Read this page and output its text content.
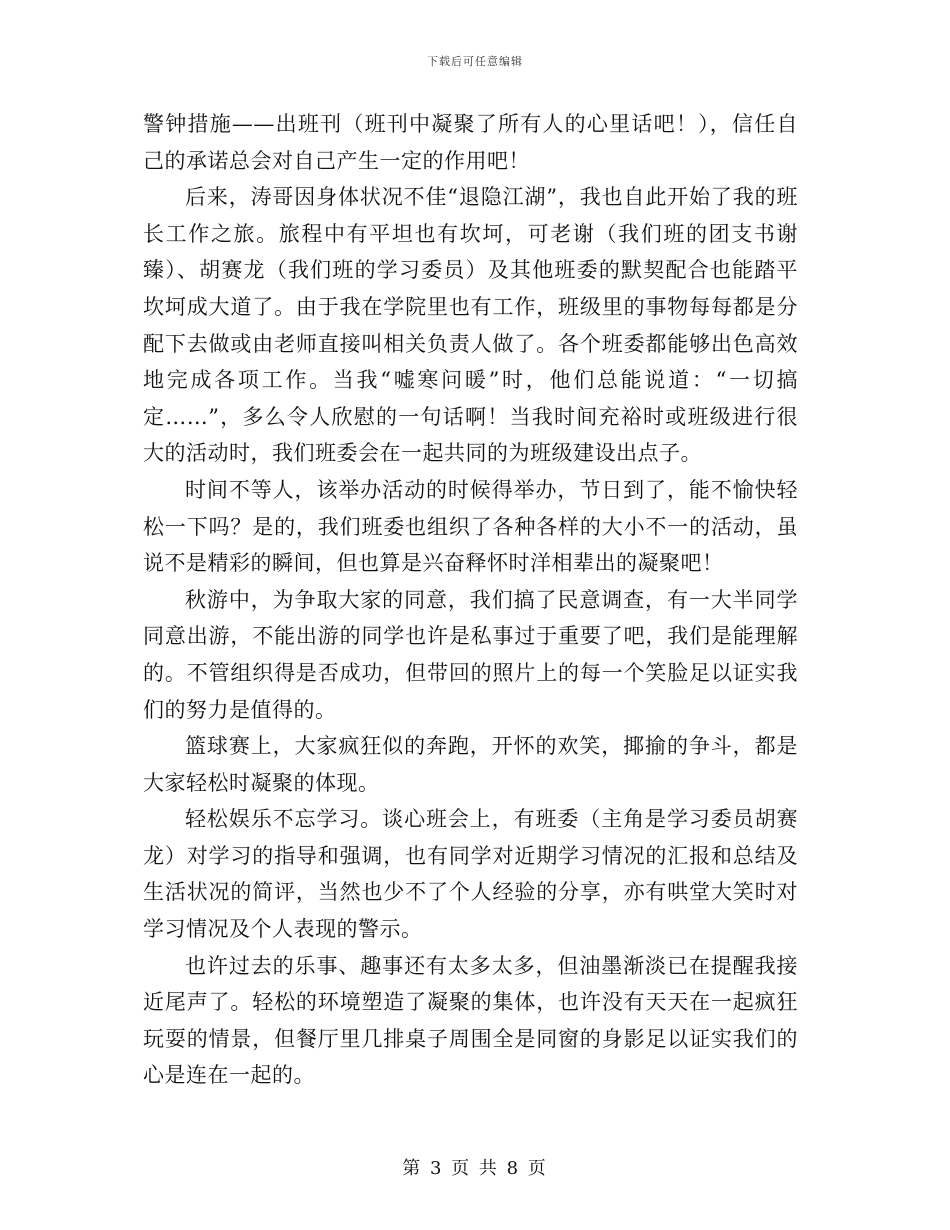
下载后可任意编辑

警钟措施——出班刊（班刊中凝聚了所有人的心里话吧！），信任自己的承诺总会对自己产生一定的作用吧！

后来，涛哥因身体状况不佳“退隐江湖”，我也自此开始了我的班长工作之旅。旅程中有平坦也有坎坷，可老谢（我们班的团支书谢臻）、胡赛龙（我们班的学习委员）及其他班委的默契配合也能踏平坎坷成大道了。由于我在学院里也有工作，班级里的事物每每都是分配下去做或由老师直接叫相关负责人做了。各个班委都能够出色高效地完成各项工作。当我“嘘寒问暖”时，他们总能说道：“一切搞定……”，多么令人欣慰的一句话啊！当我时间充裕时或班级进行很大的活动时，我们班委会在一起共同的为班级建设出点子。

时间不等人，该举办活动的时候得举办，节日到了，能不愉快轻松一下吗？是的，我们班委也组织了各种各样的大小不一的活动，虽说不是精彩的瞬间，但也算是兴奋释怀时洋相辈出的凝聚吧！

秋游中，为争取大家的同意，我们搞了民意调查，有一大半同学同意出游，不能出游的同学也许是私事过于重要了吧，我们是能理解的。不管组织得是否成功，但带回的照片上的每一个笑脸足以证实我们的努力是值得的。

篮球赛上，大家疯狂似的奔跑，开怀的欢笑，揶揄的争斗，都是大家轻松时凝聚的体现。

轻松娱乐不忘学习。谈心班会上，有班委（主角是学习委员胡赛龙）对学习的指导和强调，也有同学对近期学习情况的汇报和总结及生活状况的简评，当然也少不了个人经验的分享，亦有哄堂大笑时对学习情况及个人表现的警示。

也许过去的乐事、趣事还有太多太多，但油墨渐淡已在提醒我接近尾声了。轻松的环境塑造了凝聚的集体，也许没有天天在一起疯狂玩耍的情景，但餐厅里几排桌子周围全是同窗的身影足以证实我们的心是连在一起的。

第 3 页 共 8 页
